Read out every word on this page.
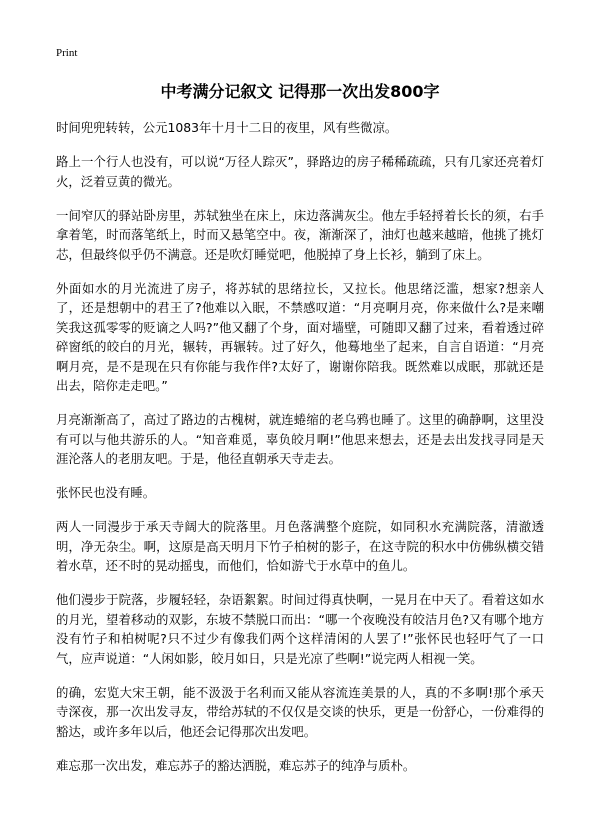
Print
中考满分记叙文 记得那一次出发800字

时间兜兜转转，公元1083年十月十二日的夜里，风有些微凉。

路上一个行人也没有，可以说“万径人踪灭”，驿路边的房子稀稀疏疏，只有几家还亮着灯火，泛着豆黄的微光。

一间窄仄的驿站卧房里，苏轼独坐在床上，床边落满灰尘。他左手轻捋着长长的须，右手拿着笔，时而落笔纸上，时而又悬笔空中。夜，渐渐深了，油灯也越来越暗，他挑了挑灯芯，但最终似乎仍不满意。还是吹灯睡觉吧，他脱掉了身上长衫，躺到了床上。

外面如水的月光流进了房子，将苏轼的思绪拉长，又拉长。他思绪泛滥，想家?想亲人了，还是想朝中的君王了?他难以入眠，不禁感叹道：“月亮啊月亮，你来做什么?是来嘲笑我这孤零零的贬谪之人吗?”他又翻了个身，面对墙壁，可随即又翻了过来，看着透过碎碎窗纸的皎白的月光，辗转，再辗转。过了好久，他蓦地坐了起来，自言自语道：“月亮啊月亮，是不是现在只有你能与我作伴?太好了，谢谢你陪我。既然难以成眠，那就还是出去，陪你走走吧。”

月亮渐渐高了，高过了路边的古槐树，就连蜷缩的老乌鸦也睡了。这里的确静啊，这里没有可以与他共游乐的人。“知音难觅，辜负皎月啊!”他思来想去，还是去出发找寻同是天涯沦落人的老朋友吧。于是，他径直朝承天寺走去。

张怀民也没有睡。

两人一同漫步于承天寺阔大的院落里。月色落满整个庭院，如同积水充满院落，清澈透明，净无杂尘。啊，这原是高天明月下竹子柏树的影子，在这寺院的积水中仿佛纵横交错着水草，还不时的晃动摇曳，而他们，恰如游弋于水草中的鱼儿。

他们漫步于院落，步履轻轻，杂语絮絮。时间过得真快啊，一晃月在中天了。看着这如水的月光，望着移动的双影，东坡不禁脱口而出：“哪一个夜晚没有皎洁月色?又有哪个地方没有竹子和柏树呢?只不过少有像我们两个这样清闲的人罢了!”张怀民也轻吁气了一口气，应声说道：“人闲如影，皎月如日，只是光凉了些啊!”说完两人相视一笑。

的确，宏览大宋王朝，能不汲汲于名利而又能从容流连美景的人，真的不多啊!那个承天寺深夜，那一次出发寻友，带给苏轼的不仅仅是交谈的快乐，更是一份舒心，一份难得的豁达，或许多年以后，他还会记得那次出发吧。

难忘那一次出发，难忘苏子的豁达洒脱，难忘苏子的纯净与质朴。
